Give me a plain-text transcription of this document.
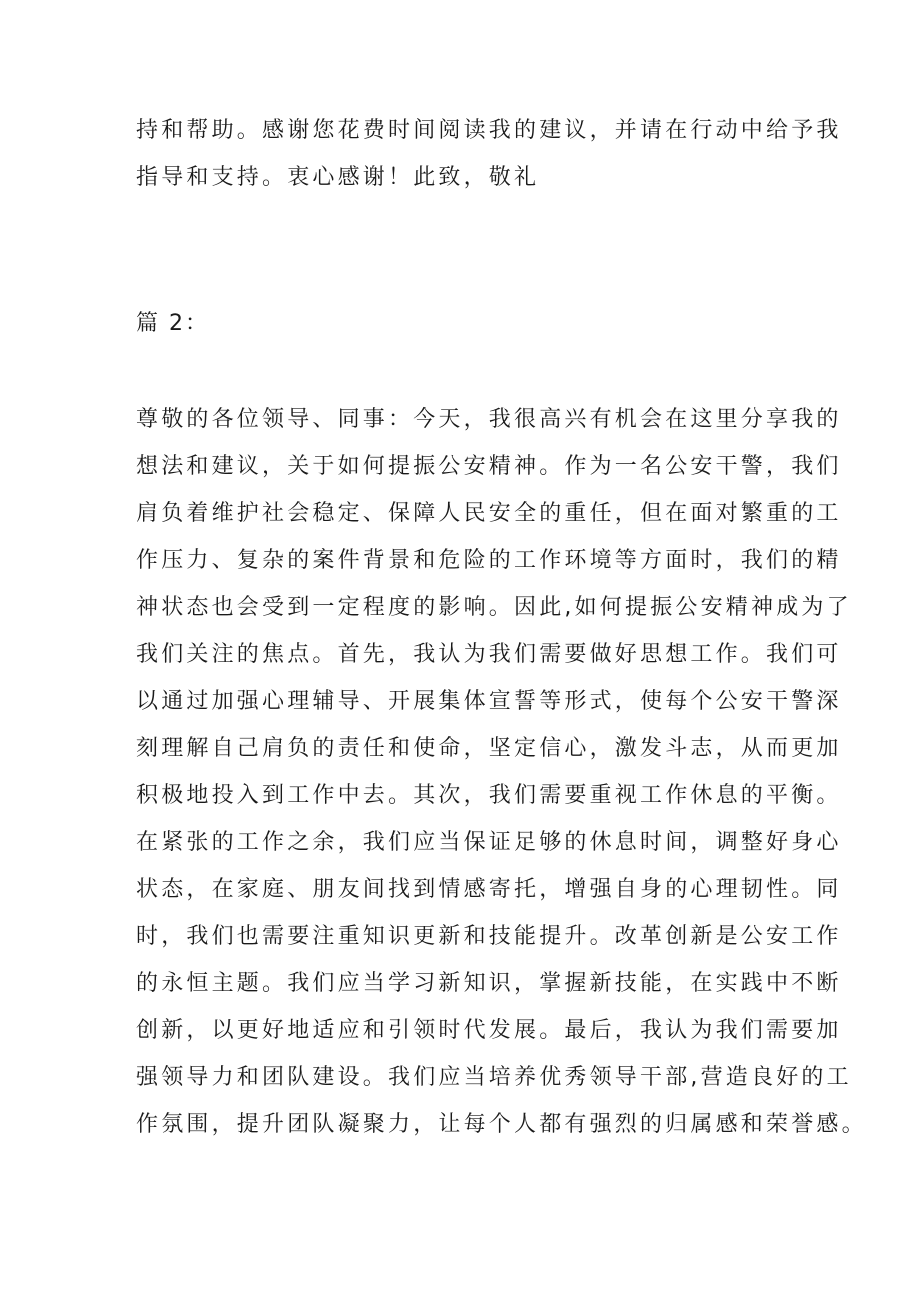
持和帮助。感谢您花费时间阅读我的建议，并请在行动中给予我
指导和支持。衷心感谢！此致，敬礼
篇 2：
尊敬的各位领导、同事：今天，我很高兴有机会在这里分享我的
想法和建议，关于如何提振公安精神。作为一名公安干警，我们
肩负着维护社会稳定、保障人民安全的重任，但在面对繁重的工
作压力、复杂的案件背景和危险的工作环境等方面时，我们的精
神状态也会受到一定程度的影响。因此,如何提振公安精神成为了
我们关注的焦点。首先，我认为我们需要做好思想工作。我们可
以通过加强心理辅导、开展集体宣誓等形式，使每个公安干警深
刻理解自己肩负的责任和使命，坚定信心，激发斗志，从而更加
积极地投入到工作中去。其次，我们需要重视工作休息的平衡。
在紧张的工作之余，我们应当保证足够的休息时间，调整好身心
状态，在家庭、朋友间找到情感寄托，增强自身的心理韧性。同
时，我们也需要注重知识更新和技能提升。改革创新是公安工作
的永恒主题。我们应当学习新知识，掌握新技能，在实践中不断
创新，以更好地适应和引领时代发展。最后，我认为我们需要加
强领导力和团队建设。我们应当培养优秀领导干部,营造良好的工
作氛围，提升团队凝聚力，让每个人都有强烈的归属感和荣誉感。
